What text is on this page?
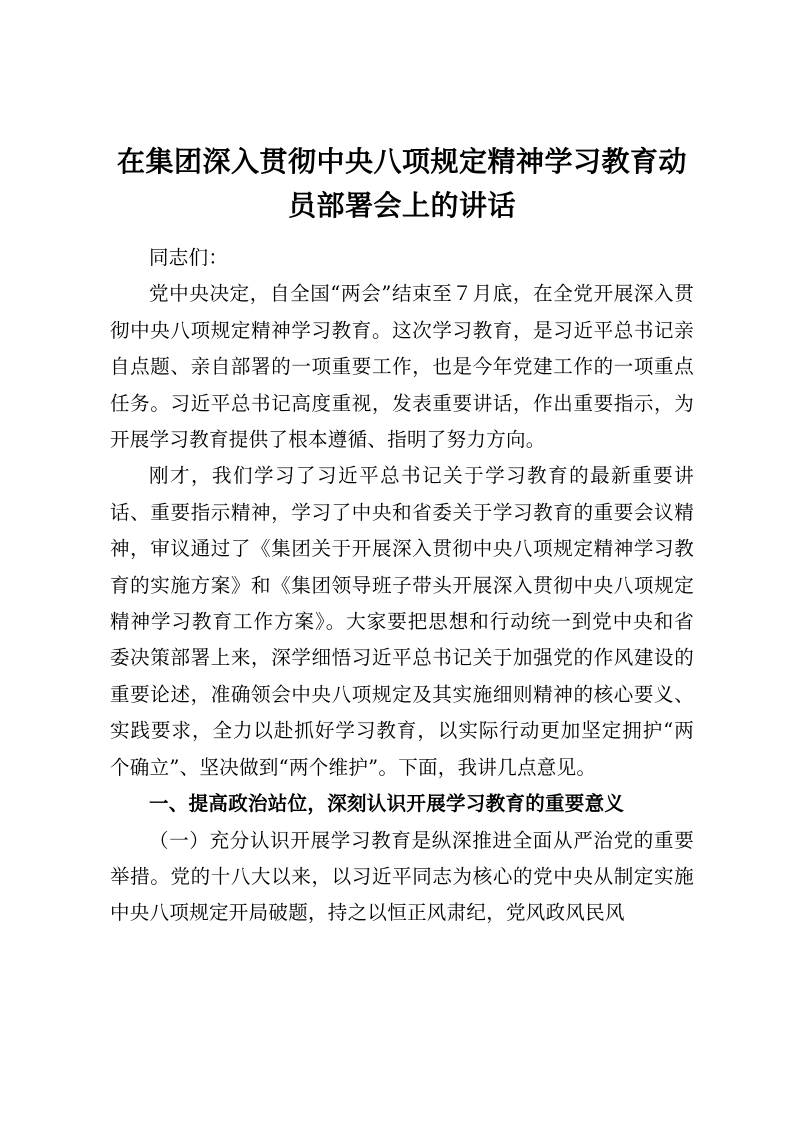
在集团深入贯彻中央八项规定精神学习教育动员部署会上的讲话

同志们：

党中央决定，自全国“两会”结束至７月底，在全党开展深入贯彻中央八项规定精神学习教育。这次学习教育，是习近平总书记亲自点题、亲自部署的一项重要工作，也是今年党建工作的一项重点任务。习近平总书记高度重视，发表重要讲话，作出重要指示，为开展学习教育提供了根本遵循、指明了努力方向。

刚才，我们学习了习近平总书记关于学习教育的最新重要讲话、重要指示精神，学习了中央和省委关于学习教育的重要会议精神，审议通过了《集团关于开展深入贯彻中央八项规定精神学习教育的实施方案》和《集团领导班子带头开展深入贯彻中央八项规定精神学习教育工作方案》。大家要把思想和行动统一到党中央和省委决策部署上来，深学细悟习近平总书记关于加强党的作风建设的重要论述，准确领会中央八项规定及其实施细则精神的核心要义、实践要求，全力以赴抓好学习教育，以实际行动更加坚定拥护“两个确立”、坚决做到“两个维护”。下面，我讲几点意见。

一、提高政治站位，深刻认识开展学习教育的重要意义

（一）充分认识开展学习教育是纵深推进全面从严治党的重要举措。党的十八大以来，以习近平同志为核心的党中央从制定实施中央八项规定开局破题，持之以恒正风肃纪，党风政风民风
